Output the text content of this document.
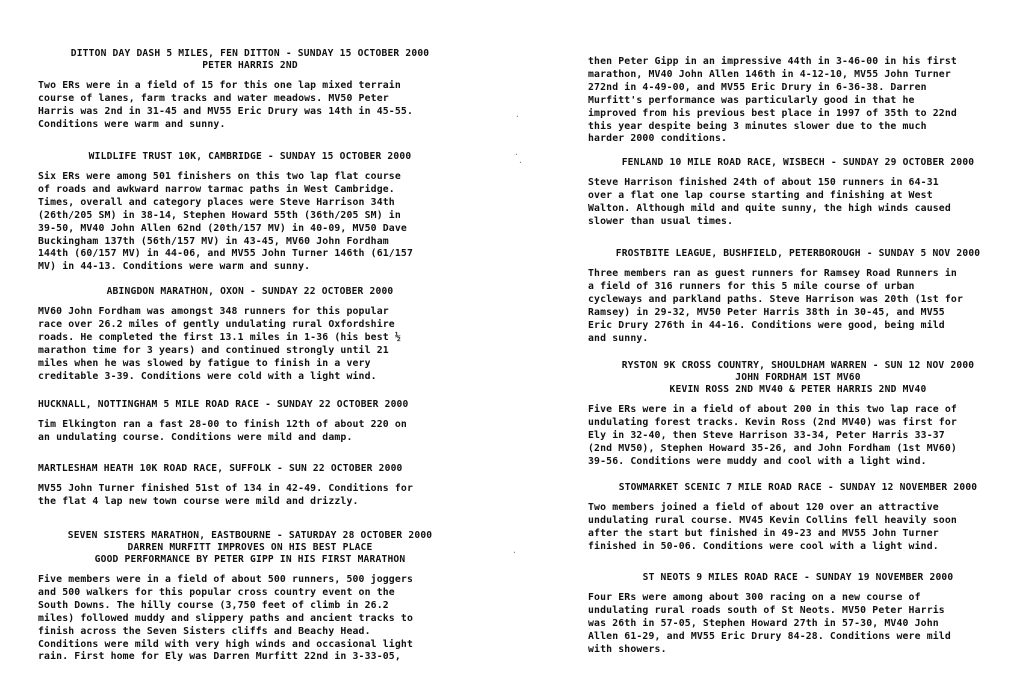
DITTON DAY DASH 5 MILES, FEN DITTON - SUNDAY 15 OCTOBER 2000
PETER HARRIS 2ND
Two ERs were in a field of 15 for this one lap mixed terrain
course of lanes, farm tracks and water meadows. MV50 Peter
Harris was 2nd in 31-45 and MV55 Eric Drury was 14th in 45-55.
Conditions were warm and sunny.
WILDLIFE TRUST 10K, CAMBRIDGE - SUNDAY 15 OCTOBER 2000
Six ERs were among 501 finishers on this two lap flat course
of roads and awkward narrow tarmac paths in West Cambridge.
Times, overall and category places were Steve Harrison 34th
(26th/205 SM) in 38-14, Stephen Howard 55th (36th/205 SM) in
39-50, MV40 John Allen 62nd (20th/157 MV) in 40-09, MV50 Dave
Buckingham 137th (56th/157 MV) in 43-45, MV60 John Fordham
144th (60/157 MV) in 44-06, and MV55 John Turner 146th (61/157
MV) in 44-13. Conditions were warm and sunny.
ABINGDON MARATHON, OXON - SUNDAY 22 OCTOBER 2000
MV60 John Fordham was amongst 348 runners for this popular
race over 26.2 miles of gently undulating rural Oxfordshire
roads. He completed the first 13.1 miles in 1-36 (his best ½
marathon time for 3 years) and continued strongly until 21
miles when he was slowed by fatigue to finish in a very
creditable 3-39. Conditions were cold with a light wind.
HUCKNALL, NOTTINGHAM 5 MILE ROAD RACE - SUNDAY 22 OCTOBER 2000
Tim Elkington ran a fast 28-00 to finish 12th of about 220 on
an undulating course. Conditions were mild and damp.
MARTLESHAM HEATH 10K ROAD RACE, SUFFOLK - SUN 22 OCTOBER 2000
MV55 John Turner finished 51st of 134 in 42-49. Conditions for
the flat 4 lap new town course were mild and drizzly.
SEVEN SISTERS MARATHON, EASTBOURNE - SATURDAY 28 OCTOBER 2000
DARREN MURFITT IMPROVES ON HIS BEST PLACE
GOOD PERFORMANCE BY PETER GIPP IN HIS FIRST MARATHON
Five members were in a field of about 500 runners, 500 joggers
and 500 walkers for this popular cross country event on the
South Downs. The hilly course (3,750 feet of climb in 26.2
miles) followed muddy and slippery paths and ancient tracks to
finish across the Seven Sisters cliffs and Beachy Head.
Conditions were mild with very high winds and occasional light
rain. First home for Ely was Darren Murfitt 22nd in 3-33-05,
then Peter Gipp in an impressive 44th in 3-46-00 in his first
marathon, MV40 John Allen 146th in 4-12-10, MV55 John Turner
272nd in 4-49-00, and MV55 Eric Drury in 6-36-38. Darren
Murfitt's performance was particularly good in that he
improved from his previous best place in 1997 of 35th to 22nd
this year despite being 3 minutes slower due to the much
harder 2000 conditions.
FENLAND 10 MILE ROAD RACE, WISBECH - SUNDAY 29 OCTOBER 2000
Steve Harrison finished 24th of about 150 runners in 64-31
over a flat one lap course starting and finishing at West
Walton. Although mild and quite sunny, the high winds caused
slower than usual times.
FROSTBITE LEAGUE, BUSHFIELD, PETERBOROUGH - SUNDAY 5 NOV 2000
Three members ran as guest runners for Ramsey Road Runners in
a field of 316 runners for this 5 mile course of urban
cycleways and parkland paths. Steve Harrison was 20th (1st for
Ramsey) in 29-32, MV50 Peter Harris 38th in 30-45, and MV55
Eric Drury 276th in 44-16. Conditions were good, being mild
and sunny.
RYSTON 9K CROSS COUNTRY, SHOULDHAM WARREN - SUN 12 NOV 2000
JOHN FORDHAM 1ST MV60
KEVIN ROSS 2ND MV40 & PETER HARRIS 2ND MV40
Five ERs were in a field of about 200 in this two lap race of
undulating forest tracks. Kevin Ross (2nd MV40) was first for
Ely in 32-40, then Steve Harrison 33-34, Peter Harris 33-37
(2nd MV50), Stephen Howard 35-26, and John Fordham (1st MV60)
39-56. Conditions were muddy and cool with a light wind.
STOWMARKET SCENIC 7 MILE ROAD RACE - SUNDAY 12 NOVEMBER 2000
Two members joined a field of about 120 over an attractive
undulating rural course. MV45 Kevin Collins fell heavily soon
after the start but finished in 49-23 and MV55 John Turner
finished in 50-06. Conditions were cool with a light wind.
ST NEOTS 9 MILES ROAD RACE - SUNDAY 19 NOVEMBER 2000
Four ERs were among about 300 racing on a new course of
undulating rural roads south of St Neots. MV50 Peter Harris
was 26th in 57-05, Stephen Howard 27th in 57-30, MV40 John
Allen 61-29, and MV55 Eric Drury 84-28. Conditions were mild
with showers.
·
·
·
·
